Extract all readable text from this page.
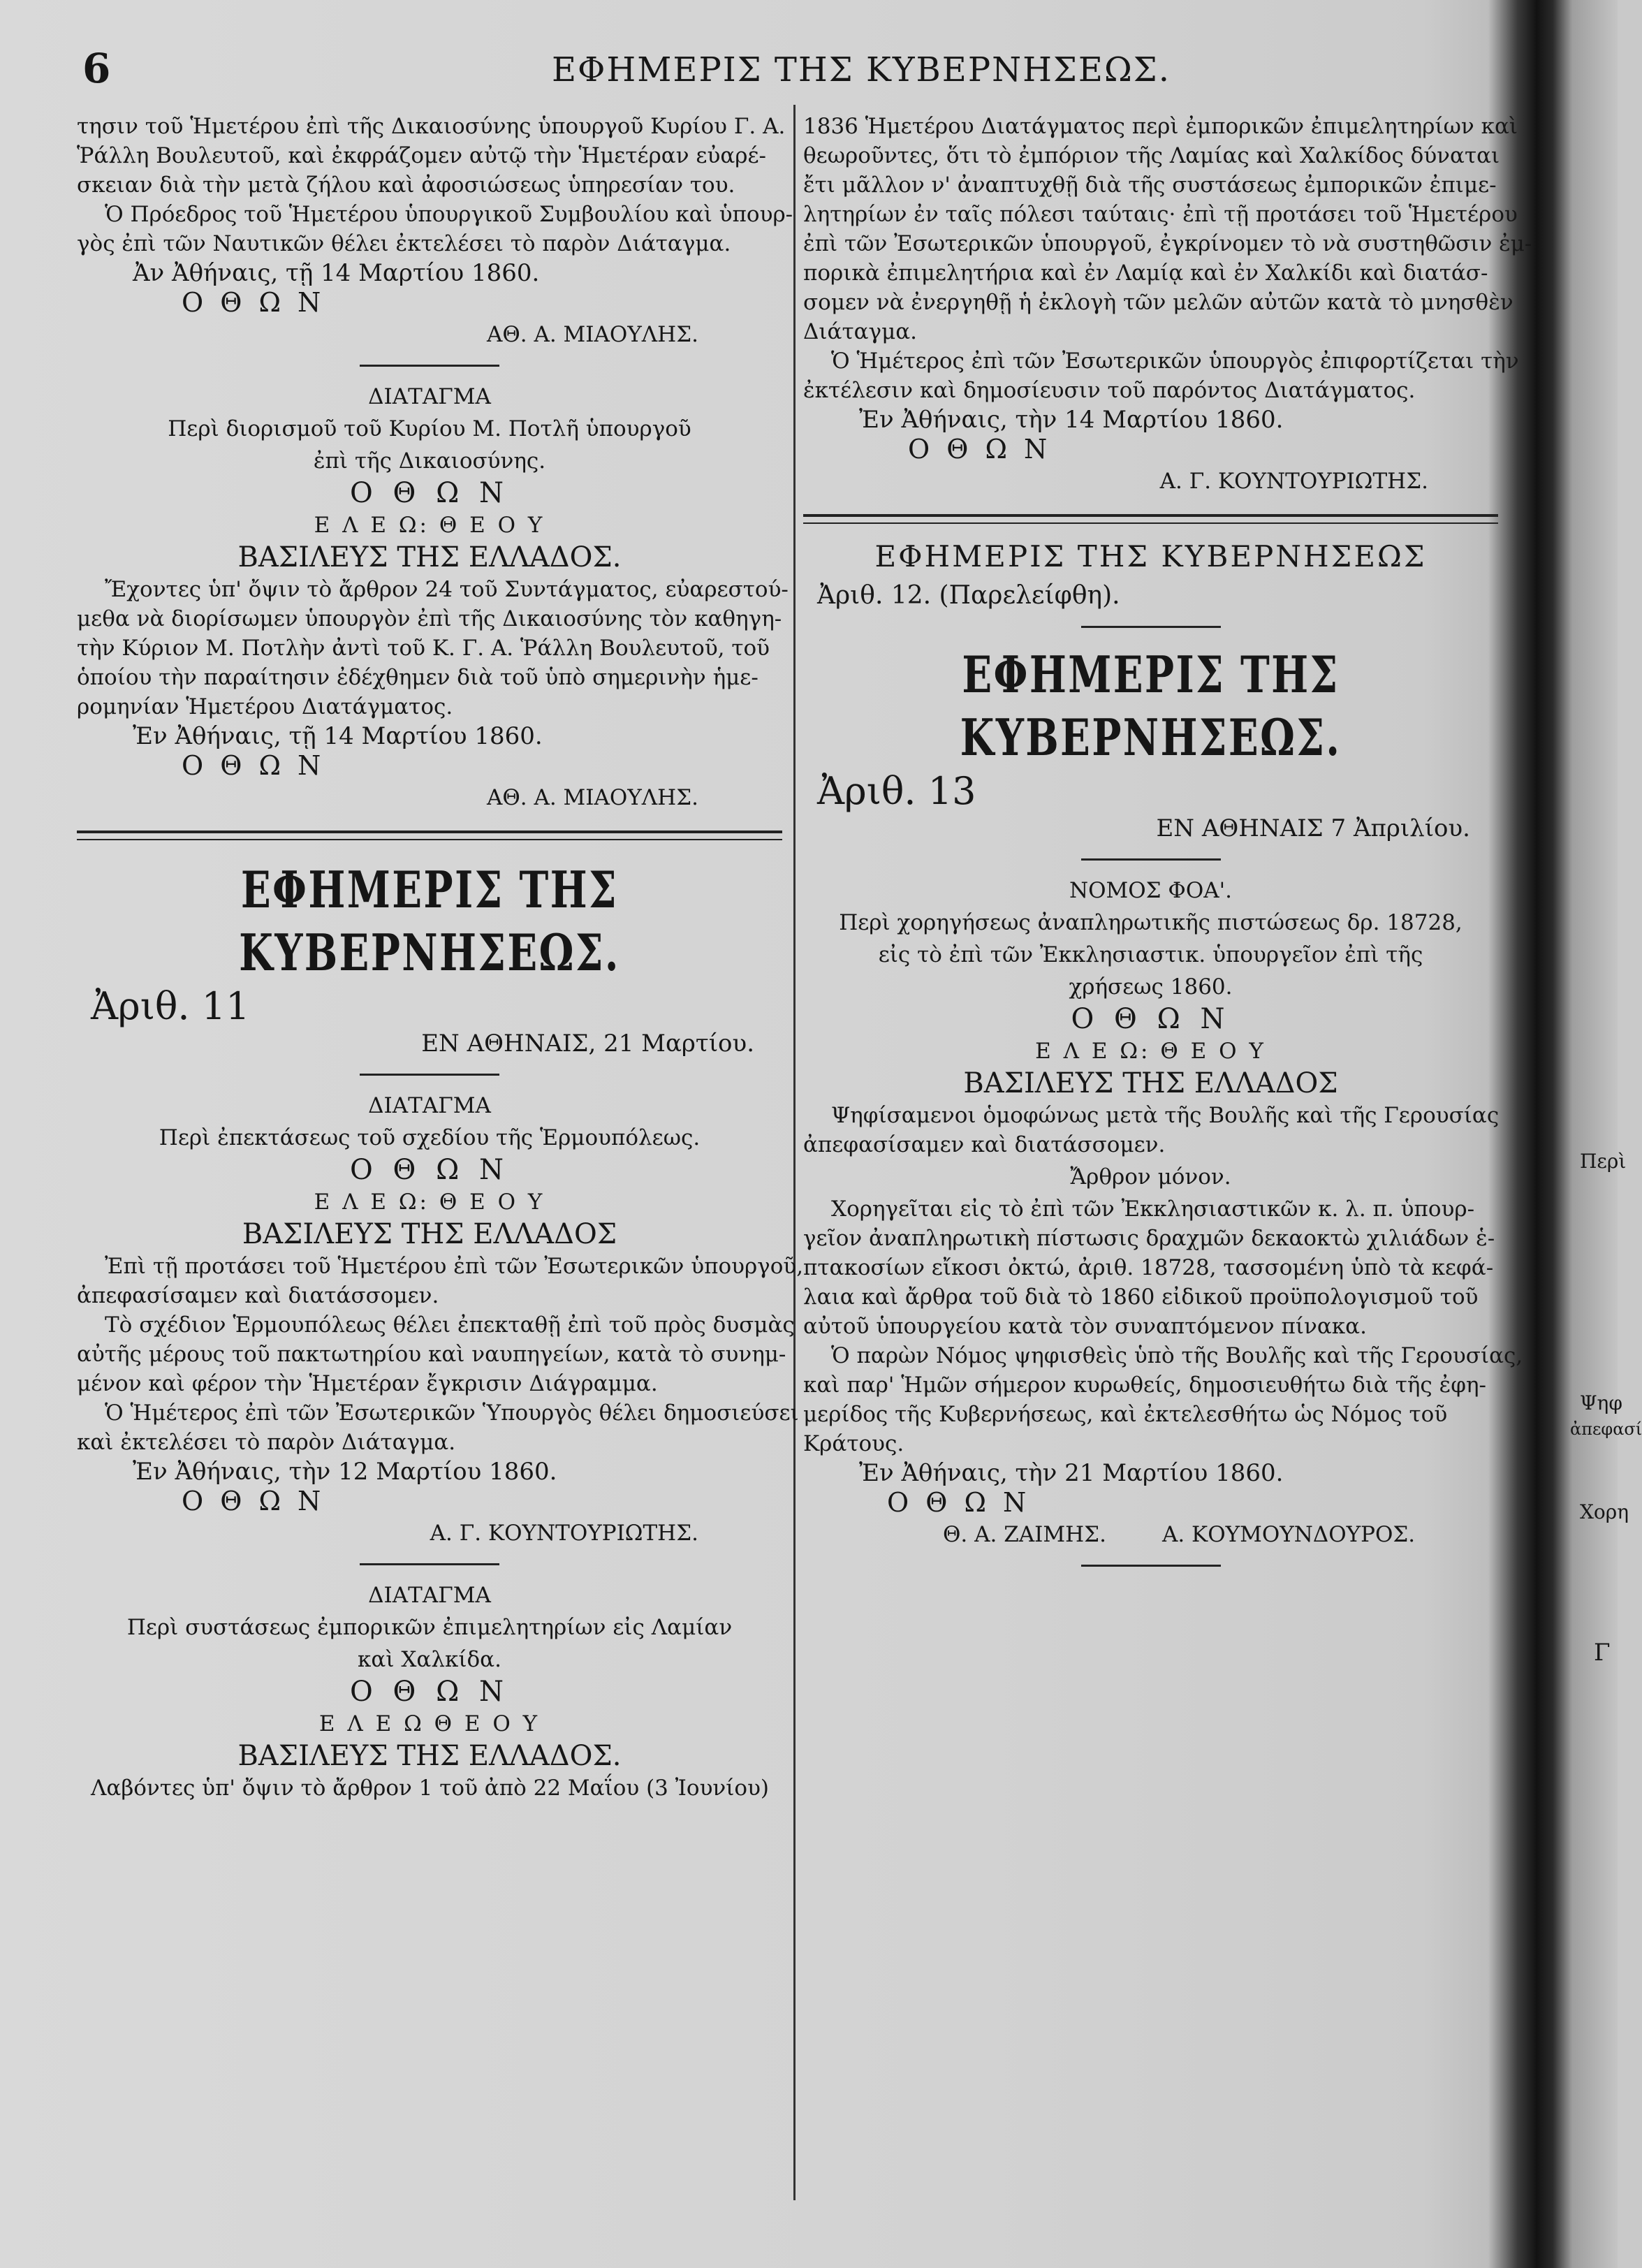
6	ΕΦΗΜΕΡΙΣ ΤΗΣ ΚΥΒΕΡΝΗΣΕΩΣ.

τησιν τοῦ Ἡμετέρου ἐπὶ τῆς Δικαιοσύνης ὑπουργοῦ Κυρίου Γ. Α.

Ῥάλλη Βουλευτοῦ, καὶ ἐκφράζομεν αὐτῷ τὴν Ἡμετέραν εὐαρέ-

σκειαν διὰ τὴν μετὰ ζήλου καὶ ἀφοσιώσεως ὑπηρεσίαν του.

Ὁ Πρόεδρος τοῦ Ἡμετέρου ὑπουργικοῦ Συμβουλίου καὶ ὑπουρ-

γὸς ἐπὶ τῶν Ναυτικῶν θέλει ἐκτελέσει τὸ παρὸν Διάταγμα.

Ἀν Ἀθήναις, τῇ 14 Μαρτίου 1860.

Ο Θ Ω Ν

ΑΘ. Α. ΜΙΑΟΥΛΗΣ.

ΔΙΑΤΑΓΜΑ

Περὶ διορισμοῦ τοῦ Κυρίου Μ. Ποτλῆ ὑπουργοῦ

ἐπὶ τῆς Δικαιοσύνης.

Ο Θ Ω Ν

Ε Λ Ε Ω: Θ Ε Ο Υ

ΒΑΣΙΛΕΥΣ ΤΗΣ ΕΛΛΑΔΟΣ.

Ἔχοντες ὑπ' ὄψιν τὸ ἄρθρον 24 τοῦ Συντάγματος, εὐαρεστού-

μεθα νὰ διορίσωμεν ὑπουργὸν ἐπὶ τῆς Δικαιοσύνης τὸν καθηγη-

τὴν Κύριον Μ. Ποτλὴν ἀντὶ τοῦ Κ. Γ. Α. Ῥάλλη Βουλευτοῦ, τοῦ

ὁποίου τὴν παραίτησιν ἐδέχθημεν διὰ τοῦ ὑπὸ σημερινὴν ἡμε-

ρομηνίαν Ἡμετέρου Διατάγματος.

Ἐν Ἀθήναις, τῇ 14 Μαρτίου 1860.

Ο Θ Ω Ν

ΑΘ. Α. ΜΙΑΟΥΛΗΣ.

ΕΦΗΜΕΡΙΣ ΤΗΣ ΚΥΒΕΡΝΗΣΕΩΣ.

Ἀριθ. 11

ΕΝ ΑΘΗΝΑΙΣ, 21 Μαρτίου.

ΔΙΑΤΑΓΜΑ

Περὶ ἐπεκτάσεως τοῦ σχεδίου τῆς Ἑρμουπόλεως.

Ο Θ Ω Ν

Ε Λ Ε Ω: Θ Ε Ο Υ

ΒΑΣΙΛΕΥΣ ΤΗΣ ΕΛΛΑΔΟΣ

Ἐπὶ τῇ προτάσει τοῦ Ἡμετέρου ἐπὶ τῶν Ἐσωτερικῶν ὑπουργοῦ,

ἀπεφασίσαμεν καὶ διατάσσομεν.

Τὸ σχέδιον Ἑρμουπόλεως θέλει ἐπεκταθῇ ἐπὶ τοῦ πρὸς δυσμὰς

αὐτῆς μέρους τοῦ πακτωτηρίου καὶ ναυπηγείων, κατὰ τὸ συνημ-

μένον καὶ φέρον τὴν Ἡμετέραν ἔγκρισιν Διάγραμμα.

Ὁ Ἡμέτερος ἐπὶ τῶν Ἐσωτερικῶν Ὑπουργὸς θέλει δημοσιεύσει

καὶ ἐκτελέσει τὸ παρὸν Διάταγμα.

Ἐν Ἀθήναις, τὴν 12 Μαρτίου 1860.

Ο Θ Ω Ν

Α. Γ. ΚΟΥΝΤΟΥΡΙΩΤΗΣ.

ΔΙΑΤΑΓΜΑ

Περὶ συστάσεως ἐμπορικῶν ἐπιμελητηρίων εἰς Λαμίαν

καὶ Χαλκίδα.

Ο Θ Ω Ν

Ε Λ Ε Ω Θ Ε Ο Υ

ΒΑΣΙΛΕΥΣ ΤΗΣ ΕΛΛΑΔΟΣ.

Λαβόντες ὑπ' ὄψιν τὸ ἄρθρον 1 τοῦ ἀπὸ 22 Μαΐου (3 Ἰουνίου)

1836 Ἡμετέρου Διατάγματος περὶ ἐμπορικῶν ἐπιμελητηρίων καὶ

θεωροῦντες, ὅτι τὸ ἐμπόριον τῆς Λαμίας καὶ Χαλκίδος δύναται

ἔτι μᾶλλον ν' ἀναπτυχθῇ διὰ τῆς συστάσεως ἐμπορικῶν ἐπιμε-

λητηρίων ἐν ταῖς πόλεσι ταύταις· ἐπὶ τῇ προτάσει τοῦ Ἡμετέρου

ἐπὶ τῶν Ἐσωτερικῶν ὑπουργοῦ, ἐγκρίνομεν τὸ νὰ συστηθῶσιν ἐμ-

πορικὰ ἐπιμελητήρια καὶ ἐν Λαμίᾳ καὶ ἐν Χαλκίδι καὶ διατάσ-

σομεν νὰ ἐνεργηθῇ ἡ ἐκλογὴ τῶν μελῶν αὐτῶν κατὰ τὸ μνησθὲν

Διάταγμα.

Ὁ Ἡμέτερος ἐπὶ τῶν Ἐσωτερικῶν ὑπουργὸς ἐπιφορτίζεται τὴν

ἐκτέλεσιν καὶ δημοσίευσιν τοῦ παρόντος Διατάγματος.

Ἐν Ἀθήναις, τὴν 14 Μαρτίου 1860.

Ο Θ Ω Ν

Α. Γ. ΚΟΥΝΤΟΥΡΙΩΤΗΣ.

ΕΦΗΜΕΡΙΣ ΤΗΣ ΚΥΒΕΡΝΗΣΕΩΣ

Ἀριθ. 12. (Παρελείφθη).

ΕΦΗΜΕΡΙΣ ΤΗΣ ΚΥΒΕΡΝΗΣΕΩΣ.

Ἀριθ. 13

ΕΝ ΑΘΗΝΑΙΣ 7 Ἀπριλίου.

ΝΟΜΟΣ ΦΟΑ'.

Περὶ χορηγήσεως ἀναπληρωτικῆς πιστώσεως δρ. 18728,

εἰς τὸ ἐπὶ τῶν Ἐκκλησιαστικ. ὑπουργεῖον ἐπὶ τῆς

χρήσεως 1860.

Ο Θ Ω Ν

Ε Λ Ε Ω: Θ Ε Ο Υ

ΒΑΣΙΛΕΥΣ ΤΗΣ ΕΛΛΑΔΟΣ

Ψηφίσαμενοι ὁμοφώνως μετὰ τῆς Βουλῆς καὶ τῆς Γερουσίας

ἀπεφασίσαμεν καὶ διατάσσομεν.

Ἄρθρον μόνον.

Χορηγεῖται εἰς τὸ ἐπὶ τῶν Ἐκκλησιαστικῶν κ. λ. π. ὑπουρ-

γεῖον ἀναπληρωτικὴ πίστωσις δραχμῶν δεκαοκτὼ χιλιάδων ἑ-

πτακοσίων εἴκοσι ὀκτώ, ἀριθ. 18728, τασσομένη ὑπὸ τὰ κεφά-

λαια καὶ ἄρθρα τοῦ διὰ τὸ 1860 εἰδικοῦ προϋπολογισμοῦ τοῦ

αὐτοῦ ὑπουργείου κατὰ τὸν συναπτόμενον πίνακα.

Ὁ παρὼν Νόμος ψηφισθεὶς ὑπὸ τῆς Βουλῆς καὶ τῆς Γερουσίας,

καὶ παρ' Ἡμῶν σήμερον κυρωθείς, δημοσιευθήτω διὰ τῆς ἐφη-

μερίδος τῆς Κυβερνήσεως, καὶ ἐκτελεσθήτω ὡς Νόμος τοῦ

Κράτους.

Ἐν Ἀθήναις, τὴν 21 Μαρτίου 1860.

Ο Θ Ω Ν

Θ. Α. ΖΑΙΜΗΣ.	Α. ΚΟΥΜΟΥΝΔΟΥΡΟΣ.
Περὶ
Ψηφ
ἀπεφασί
Χορη
Γ
